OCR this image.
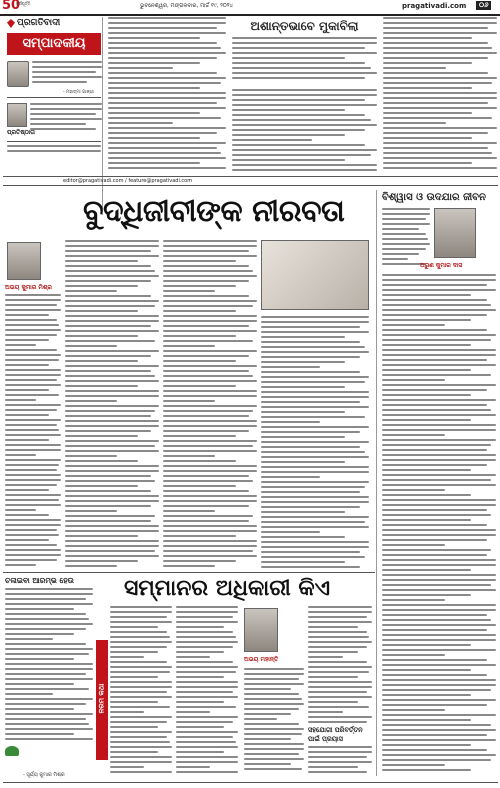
50
ବର୍ଷପୂର୍ତ୍ତି	ଭୁବନେଶ୍ୱର, ମଙ୍ଗଳବାର, ମାର୍ଚ୍ଚ ୧୯, ୨୦୨୪	pragativadi.com	୦୬
ପ୍ରଗତିବାଦୀ
ସମ୍ପାଦକୀୟ
- ମହାତ୍ମା ଗାନ୍ଧୀ
ପ୍ରତିଷ୍ଠାତା
ଅଶାନ୍ତଭାବେ ମୁକାବିଲା
editor@pragativadi.com / feature@pragativadi.com
ବୁଦ୍ଧିଜୀବୀଙ୍କ ନୀରବତା
ଅଭୟ କୁମାର ମିଶ୍ର
ବିଶ୍ୱାସ ଓ ଉଦଯାର ଜୀବନ
ଅରୁଣ କୁମାର ଦାସ
ଚଳାଇବା ଆରମ୍ଭ ହେଉ
- ସୂର୍ଯ୍ୟ କୁମାର ମିଶ୍ର
ନରମ କଥା
ସମ୍ମାନର ଅଧିକାରୀ କିଏ
ଅଭୟ ମହାନ୍ତି
ସହଯୋଗୀ ପରିବର୍ତ୍ତନ ପାଇଁ ପ୍ରୟାସ
